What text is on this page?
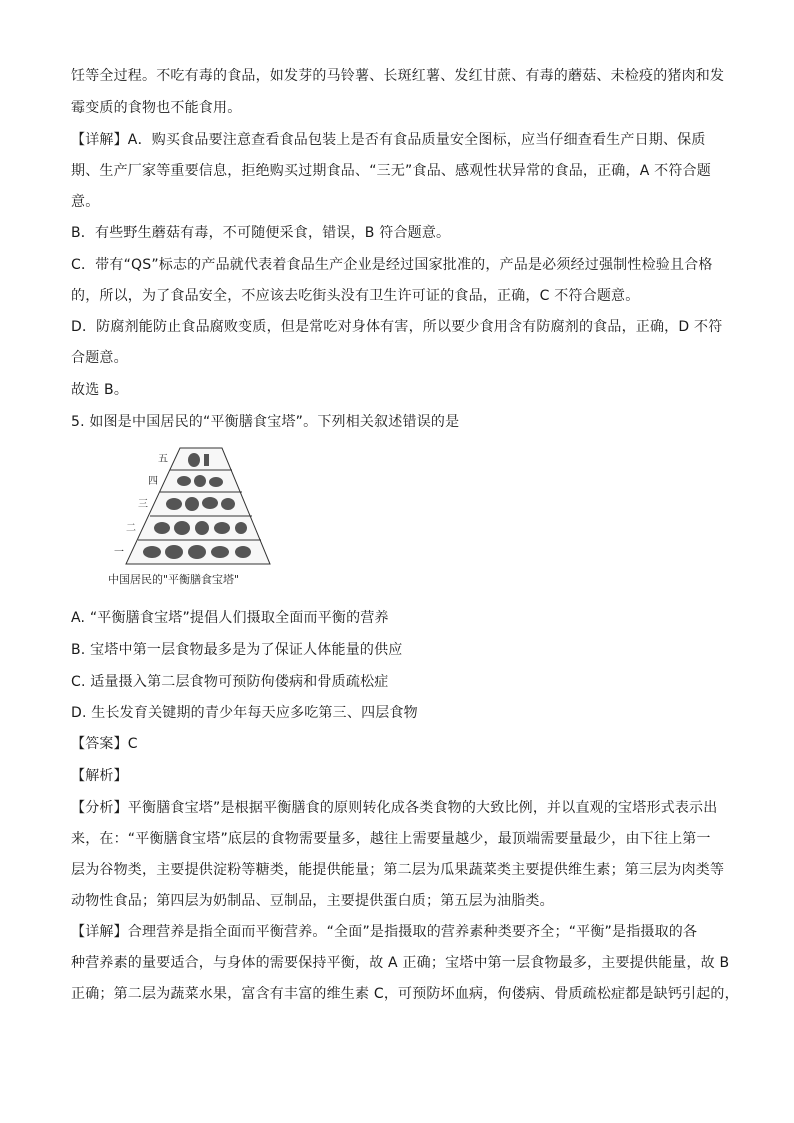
饪等全过程。不吃有毒的食品，如发芽的马铃薯、长斑红薯、发红甘蔗、有毒的蘑菇、未检疫的猪肉和发
霉变质的食物也不能食用。
【详解】A．购买食品要注意查看食品包装上是否有食品质量安全图标，应当仔细查看生产日期、保质
期、生产厂家等重要信息，拒绝购买过期食品、“三无”食品、感观性状异常的食品，正确，A 不符合题
意。
B．有些野生蘑菇有毒，不可随便采食，错误，B 符合题意。
C．带有“QS”标志的产品就代表着食品生产企业是经过国家批准的，产品是必须经过强制性检验且合格
的，所以，为了食品安全，不应该去吃街头没有卫生许可证的食品，正确，C 不符合题意。
D．防腐剂能防止食品腐败变质，但是常吃对身体有害，所以要少食用含有防腐剂的食品，正确，D 不符
合题意。
故选 B。
5. 如图是中国居民的“平衡膳食宝塔”。下列相关叙述错误的是
五
四
三
二
一
中国居民的"平衡膳食宝塔"
A. “平衡膳食宝塔”提倡人们摄取全面而平衡的营养
B. 宝塔中第一层食物最多是为了保证人体能量的供应
C. 适量摄入第二层食物可预防佝偻病和骨质疏松症
D. 生长发育关键期的青少年每天应多吃第三、四层食物
【答案】C
【解析】
【分析】平衡膳食宝塔”是根据平衡膳食的原则转化成各类食物的大致比例，并以直观的宝塔形式表示出
来，在：“平衡膳食宝塔”底层的食物需要量多，越往上需要量越少，最顶端需要量最少，由下往上第一
层为谷物类，主要提供淀粉等糖类，能提供能量；第二层为瓜果蔬菜类主要提供维生素；第三层为肉类等
动物性食品；第四层为奶制品、豆制品，主要提供蛋白质；第五层为油脂类。
【详解】合理营养是指全面而平衡营养。“全面”是指摄取的营养素种类要齐全；“平衡”是指摄取的各
种营养素的量要适合，与身体的需要保持平衡，故 A 正确；宝塔中第一层食物最多，主要提供能量，故 B
正确；第二层为蔬菜水果，富含有丰富的维生素 C，可预防坏血病，佝偻病、骨质疏松症都是缺钙引起的，
